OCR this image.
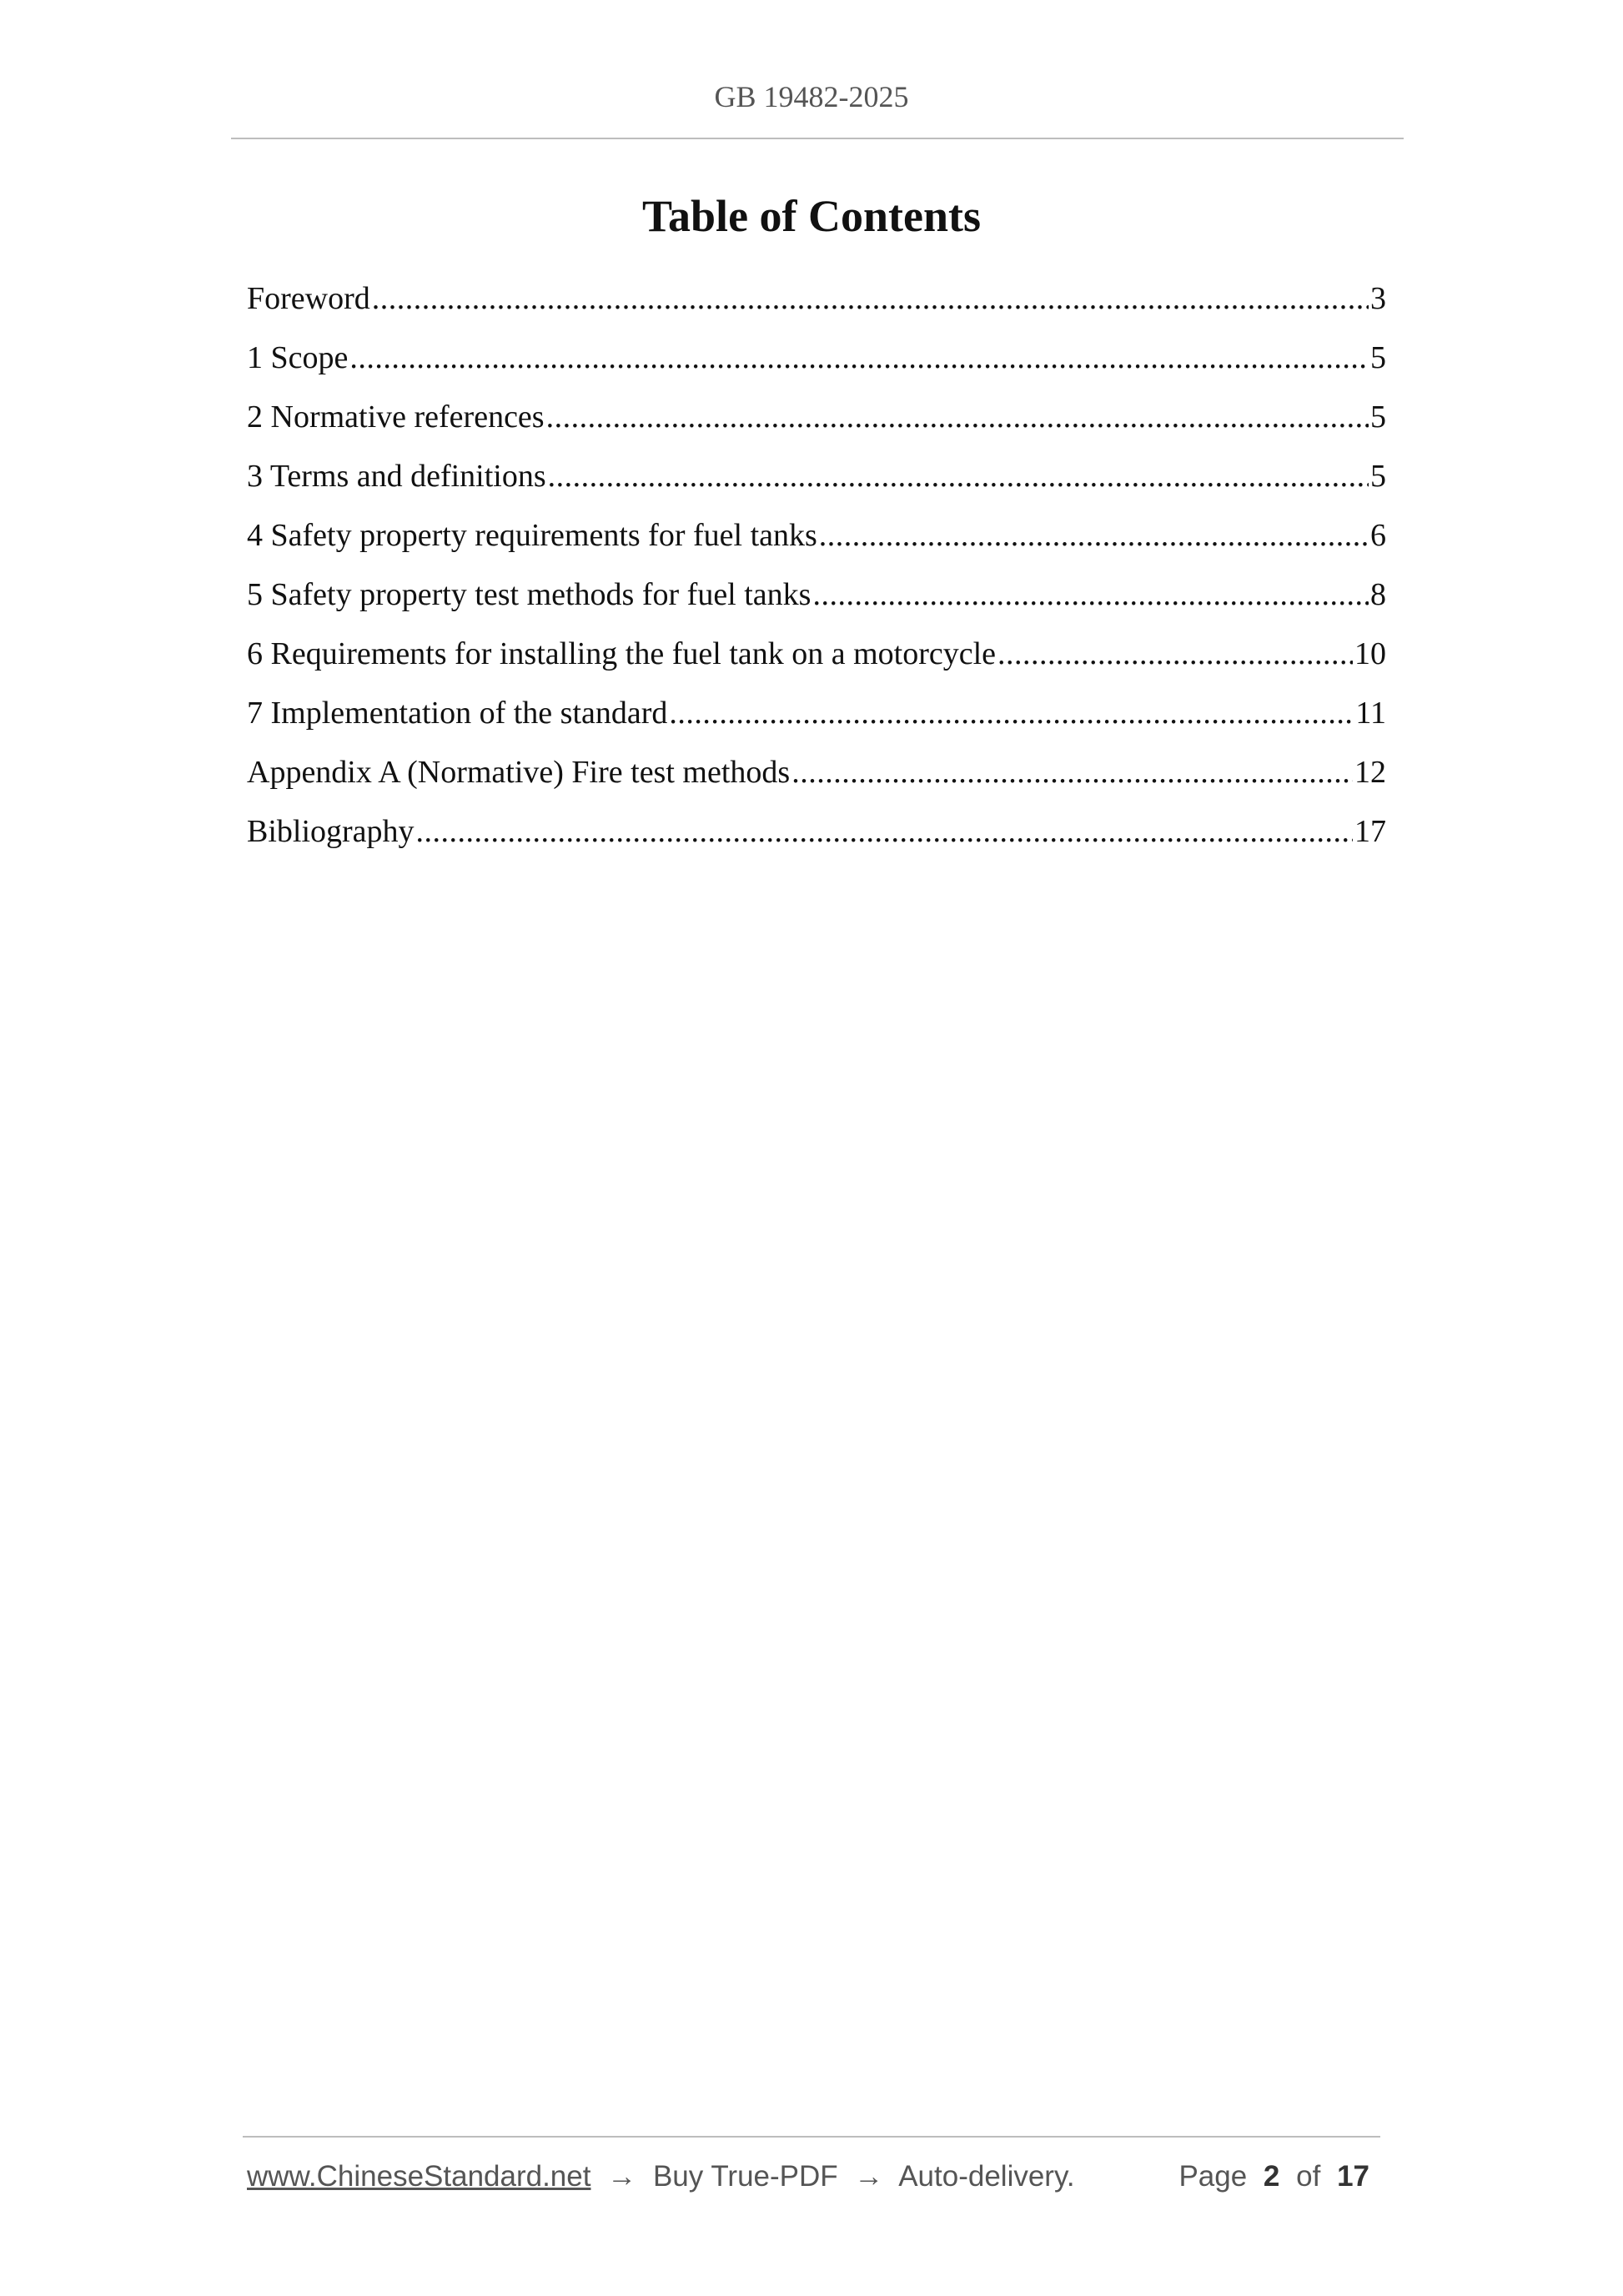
GB 19482-2025
Table of Contents
Foreword .....	3
1 Scope .....	5
2 Normative references .....	5
3 Terms and definitions .....	5
4 Safety property requirements for fuel tanks .....	6
5 Safety property test methods for fuel tanks .....	8
6 Requirements for installing the fuel tank on a motorcycle .....	10
7 Implementation of the standard .....	11
Appendix A (Normative) Fire test methods .....	12
Bibliography .....	17
www.ChineseStandard.net → Buy True-PDF → Auto-delivery.	Page 2 of 17
